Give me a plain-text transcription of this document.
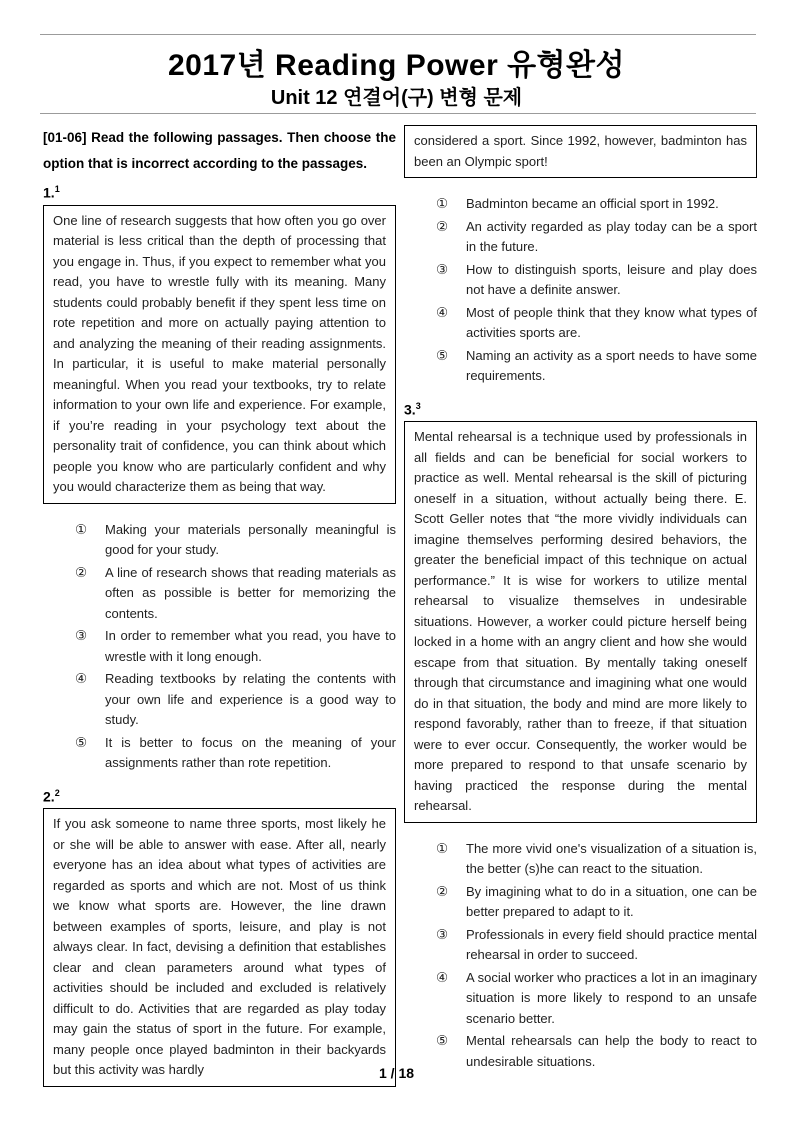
2017년 Reading Power 유형완성
Unit 12 연결어(구) 변형 문제

[01-06] Read the following passages. Then choose the option that is incorrect according to the passages.

1.$^1$
One line of research suggests that how often you go over material is less critical than the depth of processing that you engage in. Thus, if you expect to remember what you read, you have to wrestle fully with its meaning. Many students could probably benefit if they spent less time on rote repetition and more on actually paying attention to and analyzing the meaning of their reading assignments. In particular, it is useful to make material personally meaningful. When you read your textbooks, try to relate information to your own life and experience. For example, if you’re reading in your psychology text about the personality trait of confidence, you can think about which people you know who are particularly confident and why you would characterize them as being that way.
①	Making your materials personally meaningful is good for your study.
②	A line of research shows that reading materials as often as possible is better for memorizing the contents.
③	In order to remember what you read, you have to wrestle with it long enough.
④	Reading textbooks by relating the contents with your own life and experience is a good way to study.
⑤	It is better to focus on the meaning of your assignments rather than rote repetition.
2.$^2$
If you ask someone to name three sports, most likely he or she will be able to answer with ease. After all, nearly everyone has an idea about what types of activities are regarded as sports and which are not. Most of us think we know what sports are. However, the line drawn between examples of sports, leisure, and play is not always clear. In fact, devising a definition that establishes clear and clean parameters around what types of activities should be included and excluded is relatively difficult to do. Activities that are regarded as play today may gain the status of sport in the future. For example, many people once played badminton in their backyards but this activity was hardly
considered a sport. Since 1992, however, badminton has been an Olympic sport!
①	Badminton became an official sport in 1992.
②	An activity regarded as play today can be a sport in the future.
③	How to distinguish sports, leisure and play does not have a definite answer.
④	Most of people think that they know what types of activities sports are.
⑤	Naming an activity as a sport needs to have some requirements.
3.$^3$
Mental rehearsal is a technique used by professionals in all fields and can be beneficial for social workers to practice as well. Mental rehearsal is the skill of picturing oneself in a situation, without actually being there. E. Scott Geller notes that “the more vividly individuals can imagine themselves performing desired behaviors, the greater the beneficial impact of this technique on actual performance.” It is wise for workers to utilize mental rehearsal to visualize themselves in undesirable situations. However, a worker could picture herself being locked in a home with an angry client and how she would escape from that situation. By mentally taking oneself through that circumstance and imagining what one would do in that situation, the body and mind are more likely to respond favorably, rather than to freeze, if that situation were to ever occur. Consequently, the worker would be more prepared to respond to that unsafe scenario by having practiced the response during the mental rehearsal.
①	The more vivid one's visualization of a situation is, the better (s)he can react to the situation.
②	By imagining what to do in a situation, one can be better prepared to adapt to it.
③	Professionals in every field should practice mental rehearsal in order to succeed.
④	A social worker who practices a lot in an imaginary situation is more likely to respond to an unsafe scenario better.
⑤	Mental rehearsals can help the body to react to undesirable situations.
1 / 18
